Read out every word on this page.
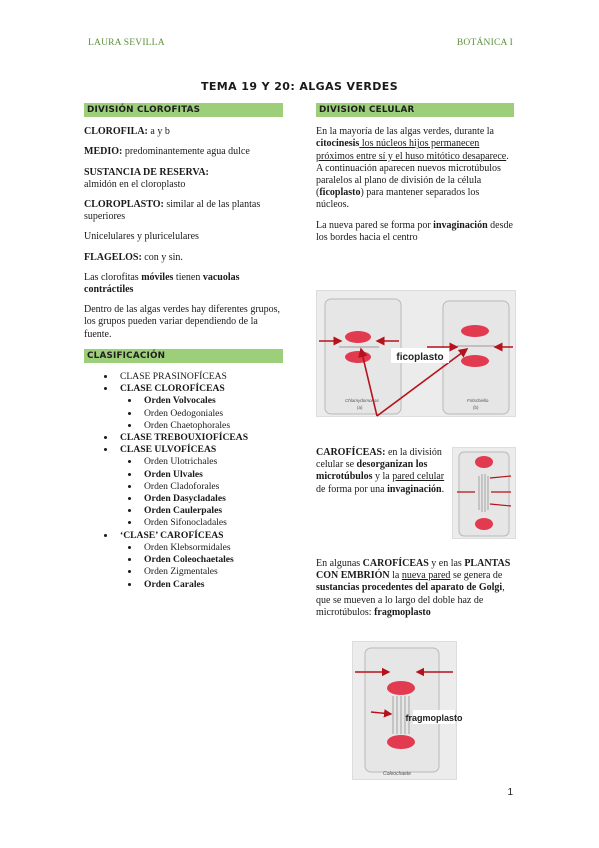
LAURA SEVILLA	BOTÁNICA I
TEMA 19 Y 20: ALGAS VERDES
DIVISIÓN CLOROFITAS

CLOROFILA: a y b

MEDIO: predominantemente agua dulce

SUSTANCIA DE RESERVA:
almidón en el cloroplasto

CLOROPLASTO: similar al de las plantas superiores

Unicelulares y pluricelulares

FLAGELOS: con y sin.

Las clorofitas móviles tienen vacuolas contráctiles

Dentro de las algas verdes hay diferentes grupos, los grupos pueden variar dependiendo de la fuente.

CLASIFICACIÓN
• CLASE PRASINOFÍCEAS
• CLASE CLOROFÍCEAS
• Orden Volvocales
• Orden Oedogoniales
• Orden Chaetophorales
• CLASE TREBOUXIOFÍCEAS
• CLASE ULVOFÍCEAS
• Orden Ulotrichales
• Orden Ulvales
• Orden Cladoforales
• Orden Dasycladales
• Orden Caulerpales
• Orden Sifonocladales
• ‘CLASE’ CAROFÍCEAS
• Orden Klebsormidales
• Orden Coleochaetales
• Orden Zigmentales
• Orden Carales
DIVISION CELULAR

En la mayoría de las algas verdes, durante la citocinesis los núcleos hijos permanecen próximos entre sí y el huso mitótico desaparece. A continuación aparecen nuevos microtúbulos paralelos al plano de división de la célula (ficoplasto) para mantener separados los núcleos.

La nueva pared se forma por invaginación desde los bordes hacia el centro

ficoplasto
Chlamydomonas
(a)
Fritschiella
(b)
CAROFÍCEAS: en la división celular se desorganizan los microtúbulos y la pared celular de forma por una invaginación.
En algunas CAROFÍCEAS y en las PLANTAS CON EMBRIÓN la nueva pared se genera de sustancias procedentes del aparato de Golgi, que se mueven a lo largo del doble haz de microtúbulos: fragmoplasto
fragmoplasto
Coleochaete
1
